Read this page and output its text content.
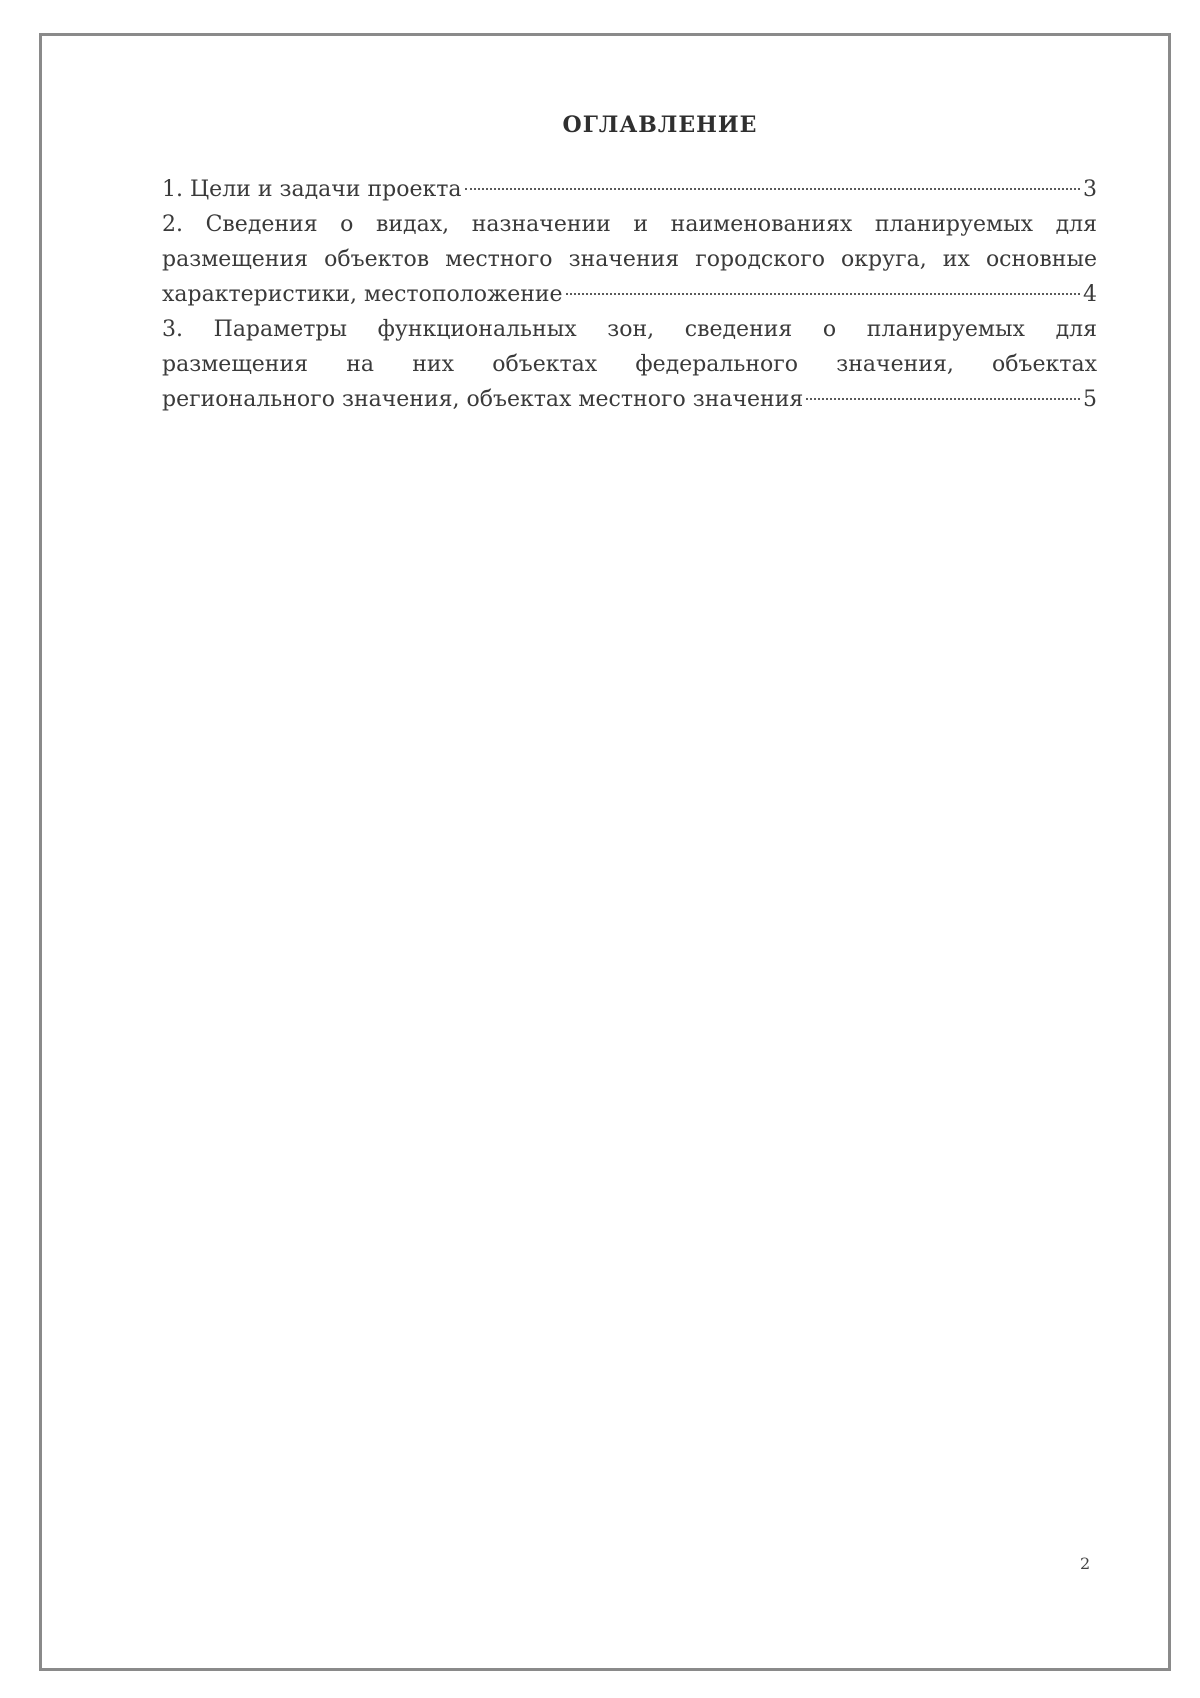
ОГЛАВЛЕНИЕ
1. Цели и задачи проекта	3
2. Сведения о видах, назначении и наименованиях планируемых для
размещения объектов местного значения городского округа, их основные
характеристики, местоположение	4
3. Параметры функциональных зон, сведения о планируемых для
размещения на них объектах федерального значения, объектах
регионального значения, объектах местного значения	5
2
